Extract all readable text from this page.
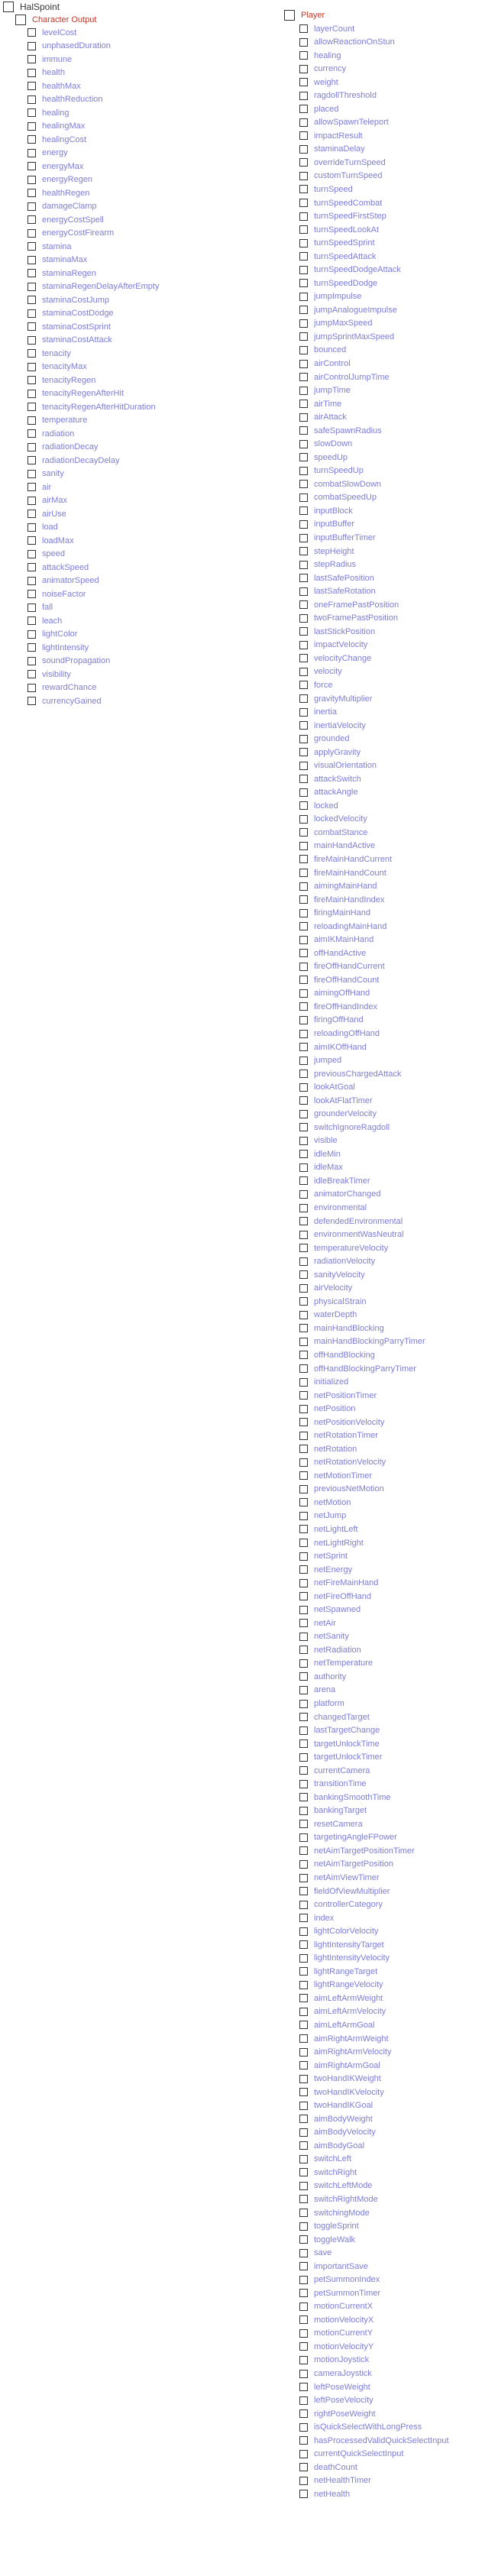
HalSpoint
Character Output	Player
levelCost
unphasedDuration
immune
health
healthMax
healthReduction
healing
healingMax
healingCost
energy
energyMax
energyRegen
healthRegen
damageClamp
energyCostSpell
energyCostFirearm
stamina
staminaMax
staminaRegen
staminaRegenDelayAfterEmpty
staminaCostJump
staminaCostDodge
staminaCostSprint
staminaCostAttack
tenacity
tenacityMax
tenacityRegen
tenacityRegenAfterHit
tenacityRegenAfterHitDuration
temperature
radiation
radiationDecay
radiationDecayDelay
sanity
air
airMax
airUse
load
loadMax
speed
attackSpeed
animatorSpeed
noiseFactor
fall
leach
lightColor
lightIntensity
soundPropagation
visibility
rewardChance
currencyGained
layerCount
allowReactionOnStun
healing
currency
weight
ragdollThreshold
placed
allowSpawnTeleport
impactResult
staminaDelay
overrideTurnSpeed
customTurnSpeed
turnSpeed
turnSpeedCombat
turnSpeedFirstStep
turnSpeedLookAt
turnSpeedSprint
turnSpeedAttack
turnSpeedDodgeAttack
turnSpeedDodge
jumpImpulse
jumpAnalogueImpulse
jumpMaxSpeed
jumpSprintMaxSpeed
bounced
airControl
airControlJumpTime
jumpTime
airTime
airAttack
safeSpawnRadius
slowDown
speedUp
turnSpeedUp
combatSlowDown
combatSpeedUp
inputBlock
inputBuffer
inputBufferTimer
stepHeight
stepRadius
lastSafePosition
lastSafeRotation
oneFramePastPosition
twoFramePastPosition
lastStickPosition
impactVelocity
velocityChange
velocity
force
gravityMultiplier
inertia
inertiaVelocity
grounded
applyGravity
visualOrientation
attackSwitch
attackAngle
locked
lockedVelocity
combatStance
mainHandActive
fireMainHandCurrent
fireMainHandCount
aimingMainHand
fireMainHandIndex
firingMainHand
reloadingMainHand
aimIKMainHand
offHandActive
fireOffHandCurrent
fireOffHandCount
aimingOffHand
fireOffHandIndex
firingOffHand
reloadingOffHand
aimIKOffHand
jumped
previousChargedAttack
lookAtGoal
lookAtFlatTimer
grounderVelocity
switchIgnoreRagdoll
visible
idleMin
idleMax
idleBreakTimer
animatorChanged
environmental
defendedEnvironmental
environmentWasNeutral
temperatureVelocity
radiationVelocity
sanityVelocity
airVelocity
physicalStrain
waterDepth
mainHandBlocking
mainHandBlockingParryTimer
offHandBlocking
offHandBlockingParryTimer
initialized
netPositionTimer
netPosition
netPositionVelocity
netRotationTimer
netRotation
netRotationVelocity
netMotionTimer
previousNetMotion
netMotion
netJump
netLightLeft
netLightRight
netSprint
netEnergy
netFireMainHand
netFireOffHand
netSpawned
netAir
netSanity
netRadiation
netTemperature
authority
arena
platform
changedTarget
lastTargetChange
targetUnlockTime
targetUnlockTimer
currentCamera
transitionTime
bankingSmoothTime
bankingTarget
resetCamera
targetingAngleFPower
netAimTargetPositionTimer
netAimTargetPosition
netAimViewTimer
fieldOfViewMultiplier
controllerCategory
index
lightColorVelocity
lightIntensityTarget
lightIntensityVelocity
lightRangeTarget
lightRangeVelocity
aimLeftArmWeight
aimLeftArmVelocity
aimLeftArmGoal
aimRightArmWeight
aimRightArmVelocity
aimRightArmGoal
twoHandIKWeight
twoHandIKVelocity
twoHandIKGoal
aimBodyWeight
aimBodyVelocity
aimBodyGoal
switchLeft
switchRight
switchLeftMode
switchRightMode
switchingMode
toggleSprint
toggleWalk
save
importantSave
petSummonIndex
petSummonTimer
motionCurrentX
motionVelocityX
motionCurrentY
motionVelocityY
motionJoystick
cameraJoystick
leftPoseWeight
leftPoseVelocity
rightPoseWeight
isQuickSelectWithLongPress
hasProcessedValidQuickSelectInput
currentQuickSelectInput
deathCount
netHealthTimer
netHealth
